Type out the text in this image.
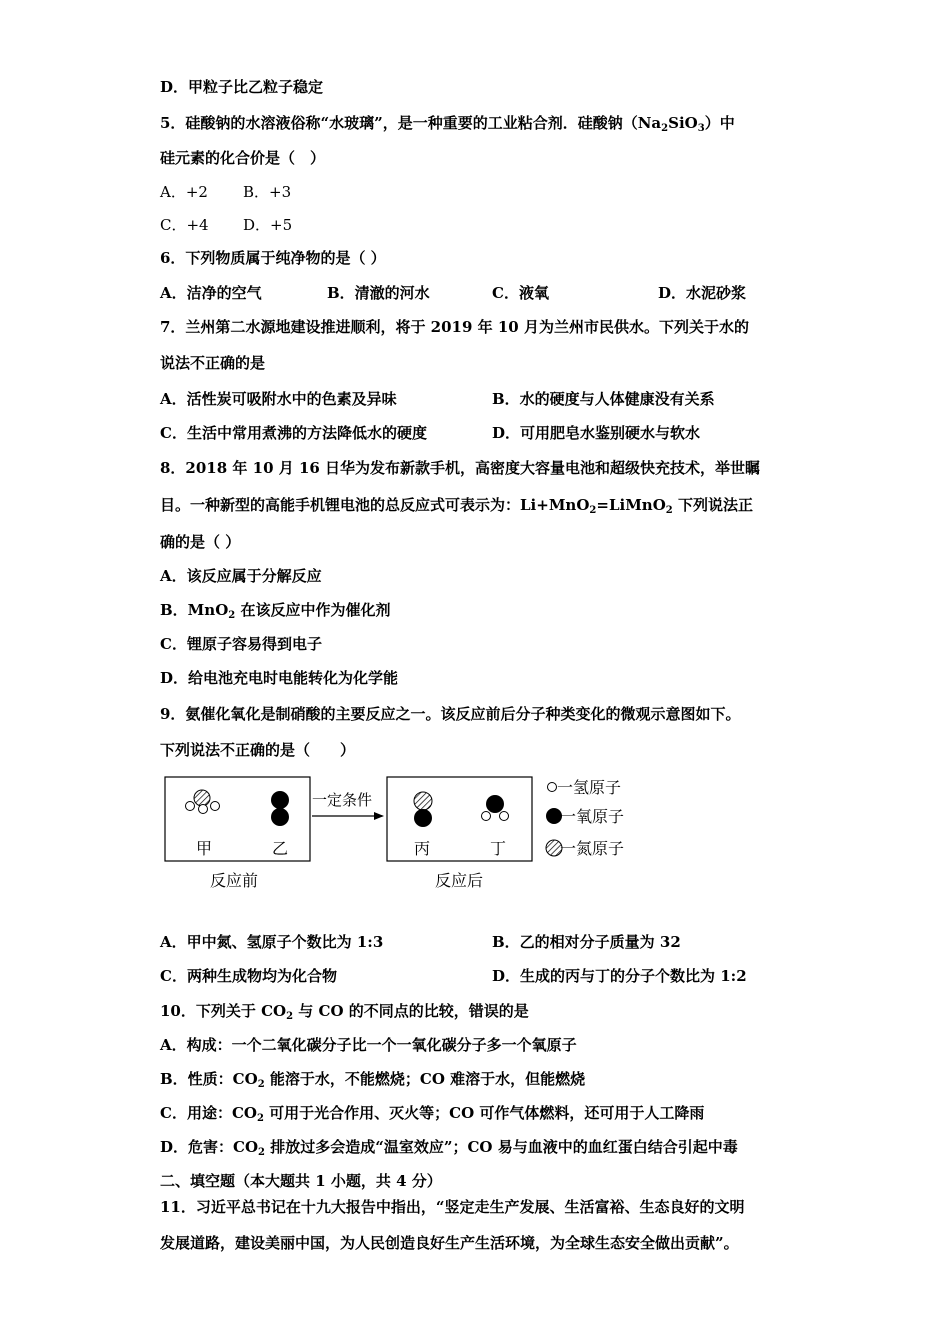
D．甲粒子比乙粒子稳定
5．硅酸钠的水溶液俗称“水玻璃”，是一种重要的工业粘合剂．硅酸钠$(Na_2SiO_3)$中
硅元素的化合价是（　）
A．+2 B．+3
C．+4 D．+5
6．下列物质属于纯净物的是（ ）
A．洁净的空气	B．清澈的河水	C．液氧	D．水泥砂浆
7．兰州第二水源地建设推进顺利，将于 2019 年 10 月为兰州市民供水。下列关于水的
说法不正确的是
A．活性炭可吸附水中的色素及异味	B．水的硬度与人体健康没有关系
C．生活中常用煮沸的方法降低水的硬度	D．可用肥皂水鉴别硬水与软水
8．2018 年 10 月 16 日华为发布新款手机，高密度大容量电池和超级快充技术，举世瞩
目。一种新型的高能手机锂电池的总反应式可表示为：Li+MnO$_2$=LiMnO$_2$ 下列说法正
确的是（ ）
A．该反应属于分解反应
B．MnO$_2$ 在该反应中作为催化剂
C．锂原子容易得到电子
D．给电池充电时电能转化为化学能
9．氨催化氧化是制硝酸的主要反应之一。该反应前后分子种类变化的微观示意图如下。
下列说法不正确的是（　　）
甲	乙
反应前
一定条件
丙	丁
反应后
一氢原子
一氧原子
一氮原子
A．甲中氮、氢原子个数比为 1:3	B．乙的相对分子质量为 32
C．两种生成物均为化合物	D．生成的丙与丁的分子个数比为 1:2
10．下列关于 $CO_2$ 与 CO 的不同点的比较，错误的是
A．构成：一个二氧化碳分子比一个一氧化碳分子多一个氧原子
B．性质：$CO_2$ 能溶于水，不能燃烧；CO 难溶于水，但能燃烧
C．用途：$CO_2$ 可用于光合作用、灭火等；CO 可作气体燃料，还可用于人工降雨
D．危害：$CO_2$ 排放过多会造成“温室效应”；CO 易与血液中的血红蛋白结合引起中毒
二、填空题（本大题共 1 小题，共 4 分）
11．习近平总书记在十九大报告中指出，“竖定走生产发展、生活富裕、生态良好的文明
发展道路，建设美丽中国，为人民创造良好生产生活环境，为全球生态安全做出贡献”。
